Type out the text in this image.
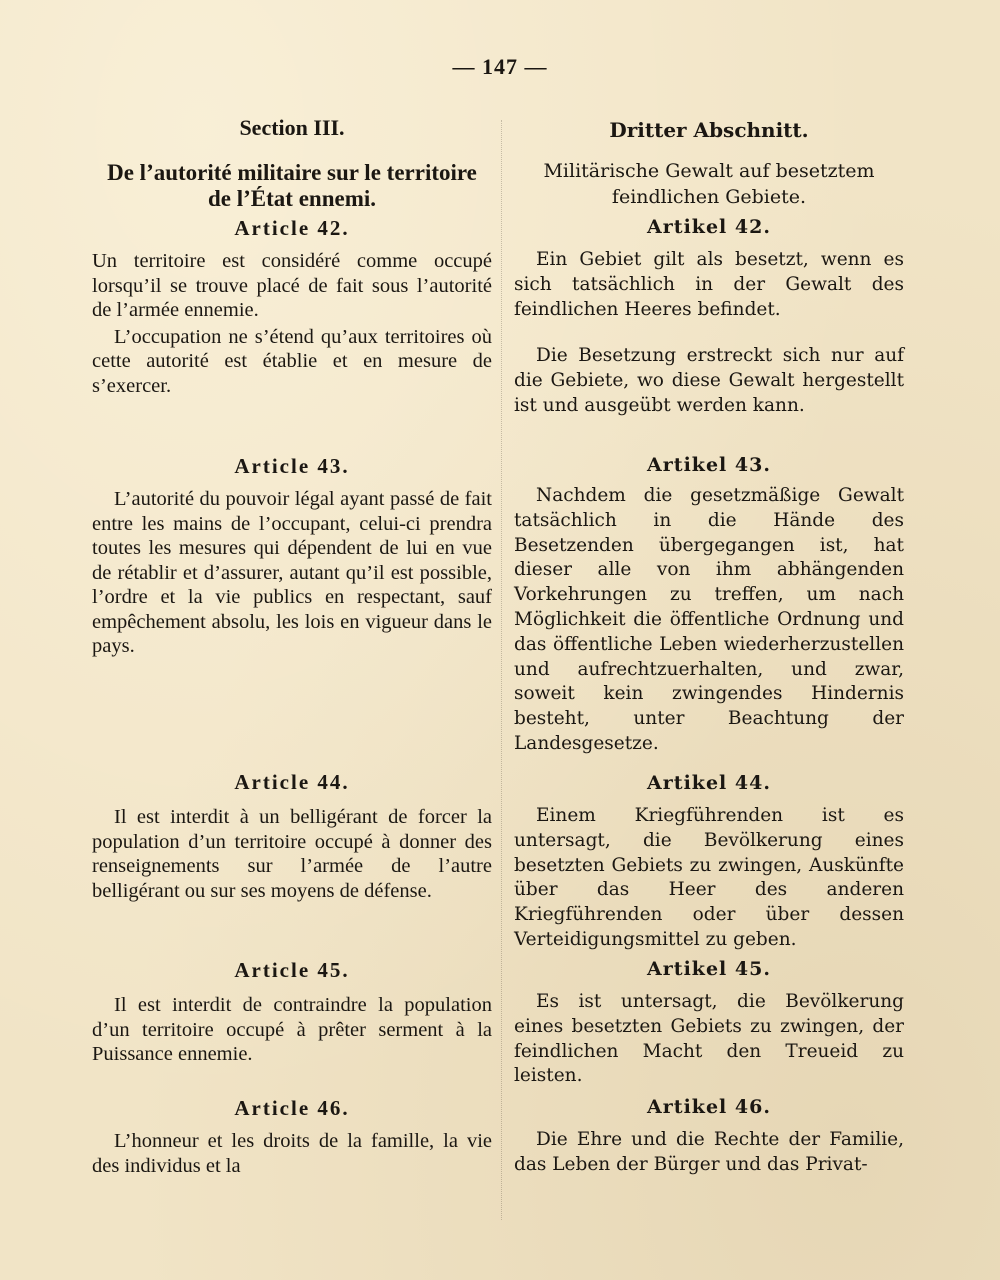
— 147 —
Section III.
De l’autorité militaire sur le territoire de l’État ennemi.
Article 42.

Un territoire est considéré comme occupé lorsqu’il se trouve placé de fait sous l’autorité de l’armée ennemie.

L’occupation ne s’étend qu’aux territoires où cette autorité est établie et en mesure de s’exercer.

Article 43.

L’autorité du pouvoir légal ayant passé de fait entre les mains de l’occupant, celui-ci prendra toutes les mesures qui dépendent de lui en vue de rétablir et d’assurer, autant qu’il est possible, l’ordre et la vie publics en respectant, sauf empêchement absolu, les lois en vigueur dans le pays.

Article 44.

Il est interdit à un belligérant de forcer la population d’un territoire occupé à donner des renseignements sur l’armée de l’autre belligérant ou sur ses moyens de défense.

Article 45.

Il est interdit de contraindre la population d’un territoire occupé à prêter serment à la Puissance ennemie.

Article 46.

L’honneur et les droits de la famille, la vie des individus et la

Dritter Abschnitt.
Militärische Gewalt auf besetztem feindlichen Gebiete.
Artikel 42.

Ein Gebiet gilt als besetzt, wenn es sich tatsächlich in der Gewalt des feindlichen Heeres befindet.

Die Besetzung erstreckt sich nur auf die Gebiete, wo diese Gewalt hergestellt ist und ausgeübt werden kann.

Artikel 43.

Nachdem die gesetzmäßige Gewalt tatsächlich in die Hände des Besetzenden übergegangen ist, hat dieser alle von ihm abhängenden Vorkehrungen zu treffen, um nach Möglichkeit die öffentliche Ordnung und das öffentliche Leben wiederherzustellen und aufrechtzuerhalten, und zwar, soweit kein zwingendes Hindernis besteht, unter Beachtung der Landesgesetze.

Artikel 44.

Einem Kriegführenden ist es untersagt, die Bevölkerung eines besetzten Gebiets zu zwingen, Auskünfte über das Heer des anderen Kriegführenden oder über dessen Verteidigungsmittel zu geben.

Artikel 45.

Es ist untersagt, die Bevölkerung eines besetzten Gebiets zu zwingen, der feindlichen Macht den Treueid zu leisten.

Artikel 46.

Die Ehre und die Rechte der Familie, das Leben der Bürger und das Privat-
